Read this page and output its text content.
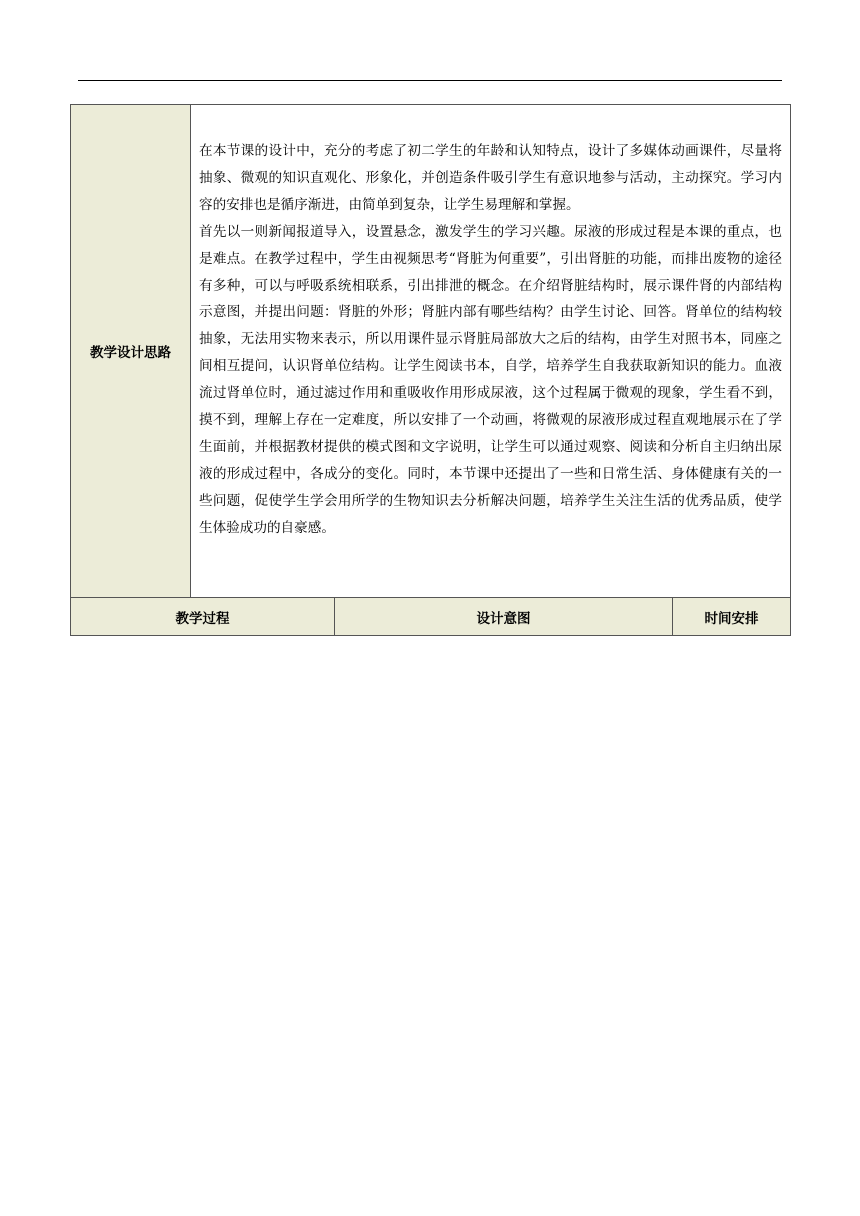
教学设计思路	在本节课的设计中，充分的考虑了初二学生的年龄和认知特点，设计了多媒体动画课件，尽量将抽象、微观的知识直观化、形象化，并创造条件吸引学生有意识地参与活动，主动探究。学习内容的安排也是循序渐进，由简单到复杂，让学生易理解和掌握。

首先以一则新闻报道导入，设置悬念，激发学生的学习兴趣。尿液的形成过程是本课的重点，也是难点。在教学过程中，学生由视频思考“肾脏为何重要”，引出肾脏的功能，而排出废物的途径有多种，可以与呼吸系统相联系，引出排泄的概念。在介绍肾脏结构时，展示课件肾的内部结构示意图，并提出问题：肾脏的外形；肾脏内部有哪些结构？由学生讨论、回答。肾单位的结构较抽象，无法用实物来表示，所以用课件显示肾脏局部放大之后的结构，由学生对照书本，同座之间相互提问，认识肾单位结构。让学生阅读书本，自学，培养学生自我获取新知识的能力。血液流过肾单位时，通过滤过作用和重吸收作用形成尿液，这个过程属于微观的现象，学生看不到，摸不到，理解上存在一定难度，所以安排了一个动画，将微观的尿液形成过程直观地展示在了学生面前，并根据教材提供的模式图和文字说明，让学生可以通过观察、阅读和分析自主归纳出尿液的形成过程中，各成分的变化。同时，本节课中还提出了一些和日常生活、身体健康有关的一些问题，促使学生学会用所学的生物知识去分析解决问题，培养学生关注生活的优秀品质，使学生体验成功的自豪感。		

教学过程		设计意图	时间安排
